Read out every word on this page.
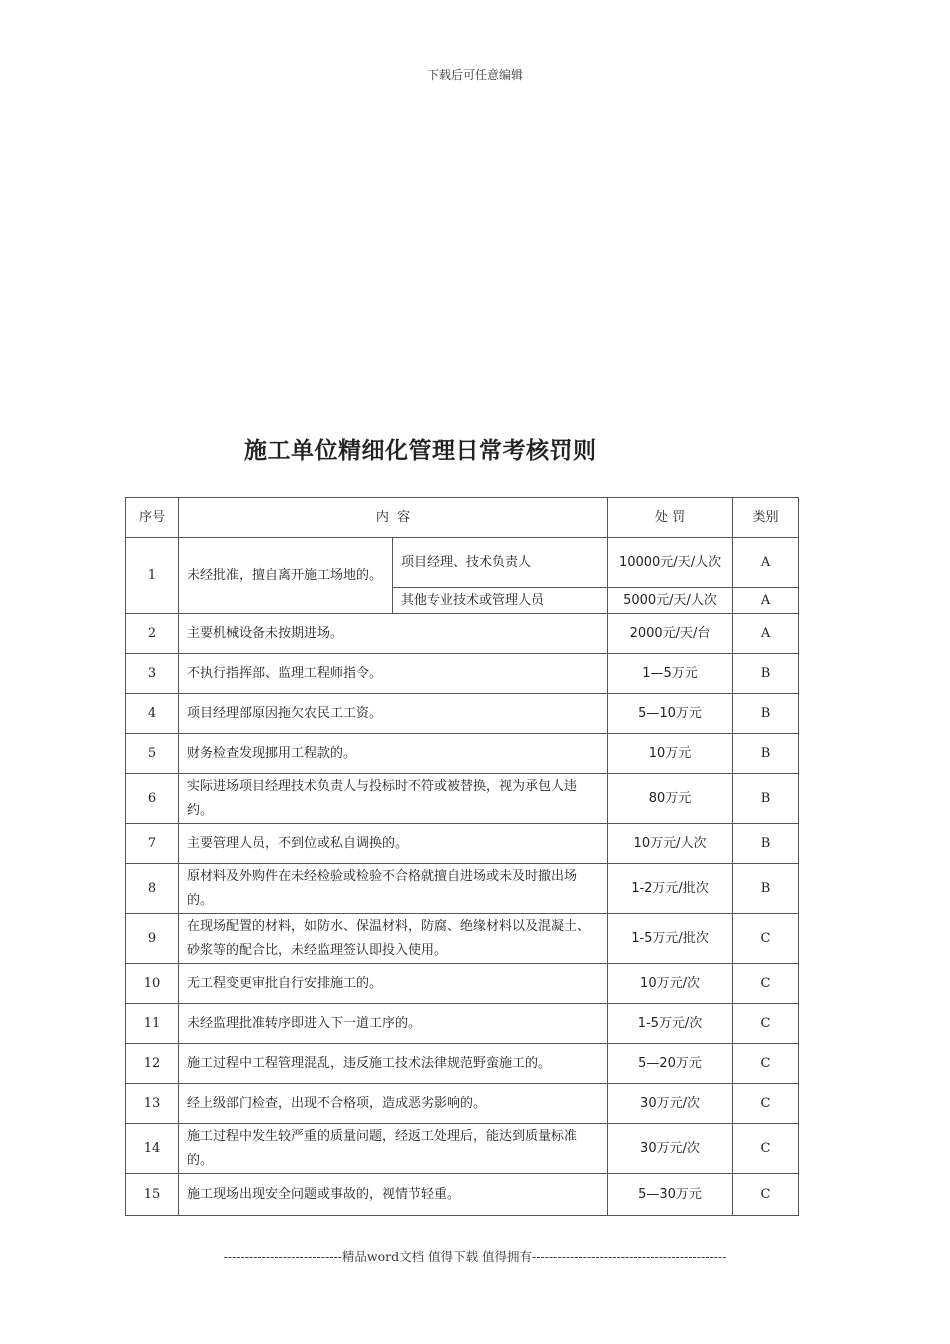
下载后可任意编辑
施工单位精细化管理日常考核罚则
序号	内  容		处 罚	类别
1	未经批准，擅自离开施工场地的。	项目经理、技术负责人	10000元/天/人次	A
		其他专业技术或管理人员	5000元/天/人次	A
2	主要机械设备未按期进场。		2000元/天/台	A
3	不执行指挥部、监理工程师指令。		1—5万元	B
4	项目经理部原因拖欠农民工工资。		5—10万元	B
5	财务检查发现挪用工程款的。		10万元	B
6	实际进场项目经理技术负责人与投标时不符或被替换，视为承包人违约。		80万元	B
7	主要管理人员，不到位或私自调换的。		10万元/人次	B
8	原材料及外购件在未经检验或检验不合格就擅自进场或未及时撤出场的。		1-2万元/批次	B
9	在现场配置的材料，如防水、保温材料，防腐、绝缘材料以及混凝土、砂浆等的配合比，未经监理签认即投入使用。		1-5万元/批次	C
10	无工程变更审批自行安排施工的。		10万元/次	C
11	未经监理批准转序即进入下一道工序的。		1-5万元/次	C
12	施工过程中工程管理混乱，违反施工技术法律规范野蛮施工的。		5—20万元	C
13	经上级部门检查，出现不合格项，造成恶劣影响的。		30万元/次	C
14	施工过程中发生较严重的质量问题，经返工处理后，能达到质量标准的。		30万元/次	C
15	施工现场出现安全问题或事故的，视情节轻重。		5—30万元	C
----------------------------精品word文档 值得下载 值得拥有----------------------------------------------
